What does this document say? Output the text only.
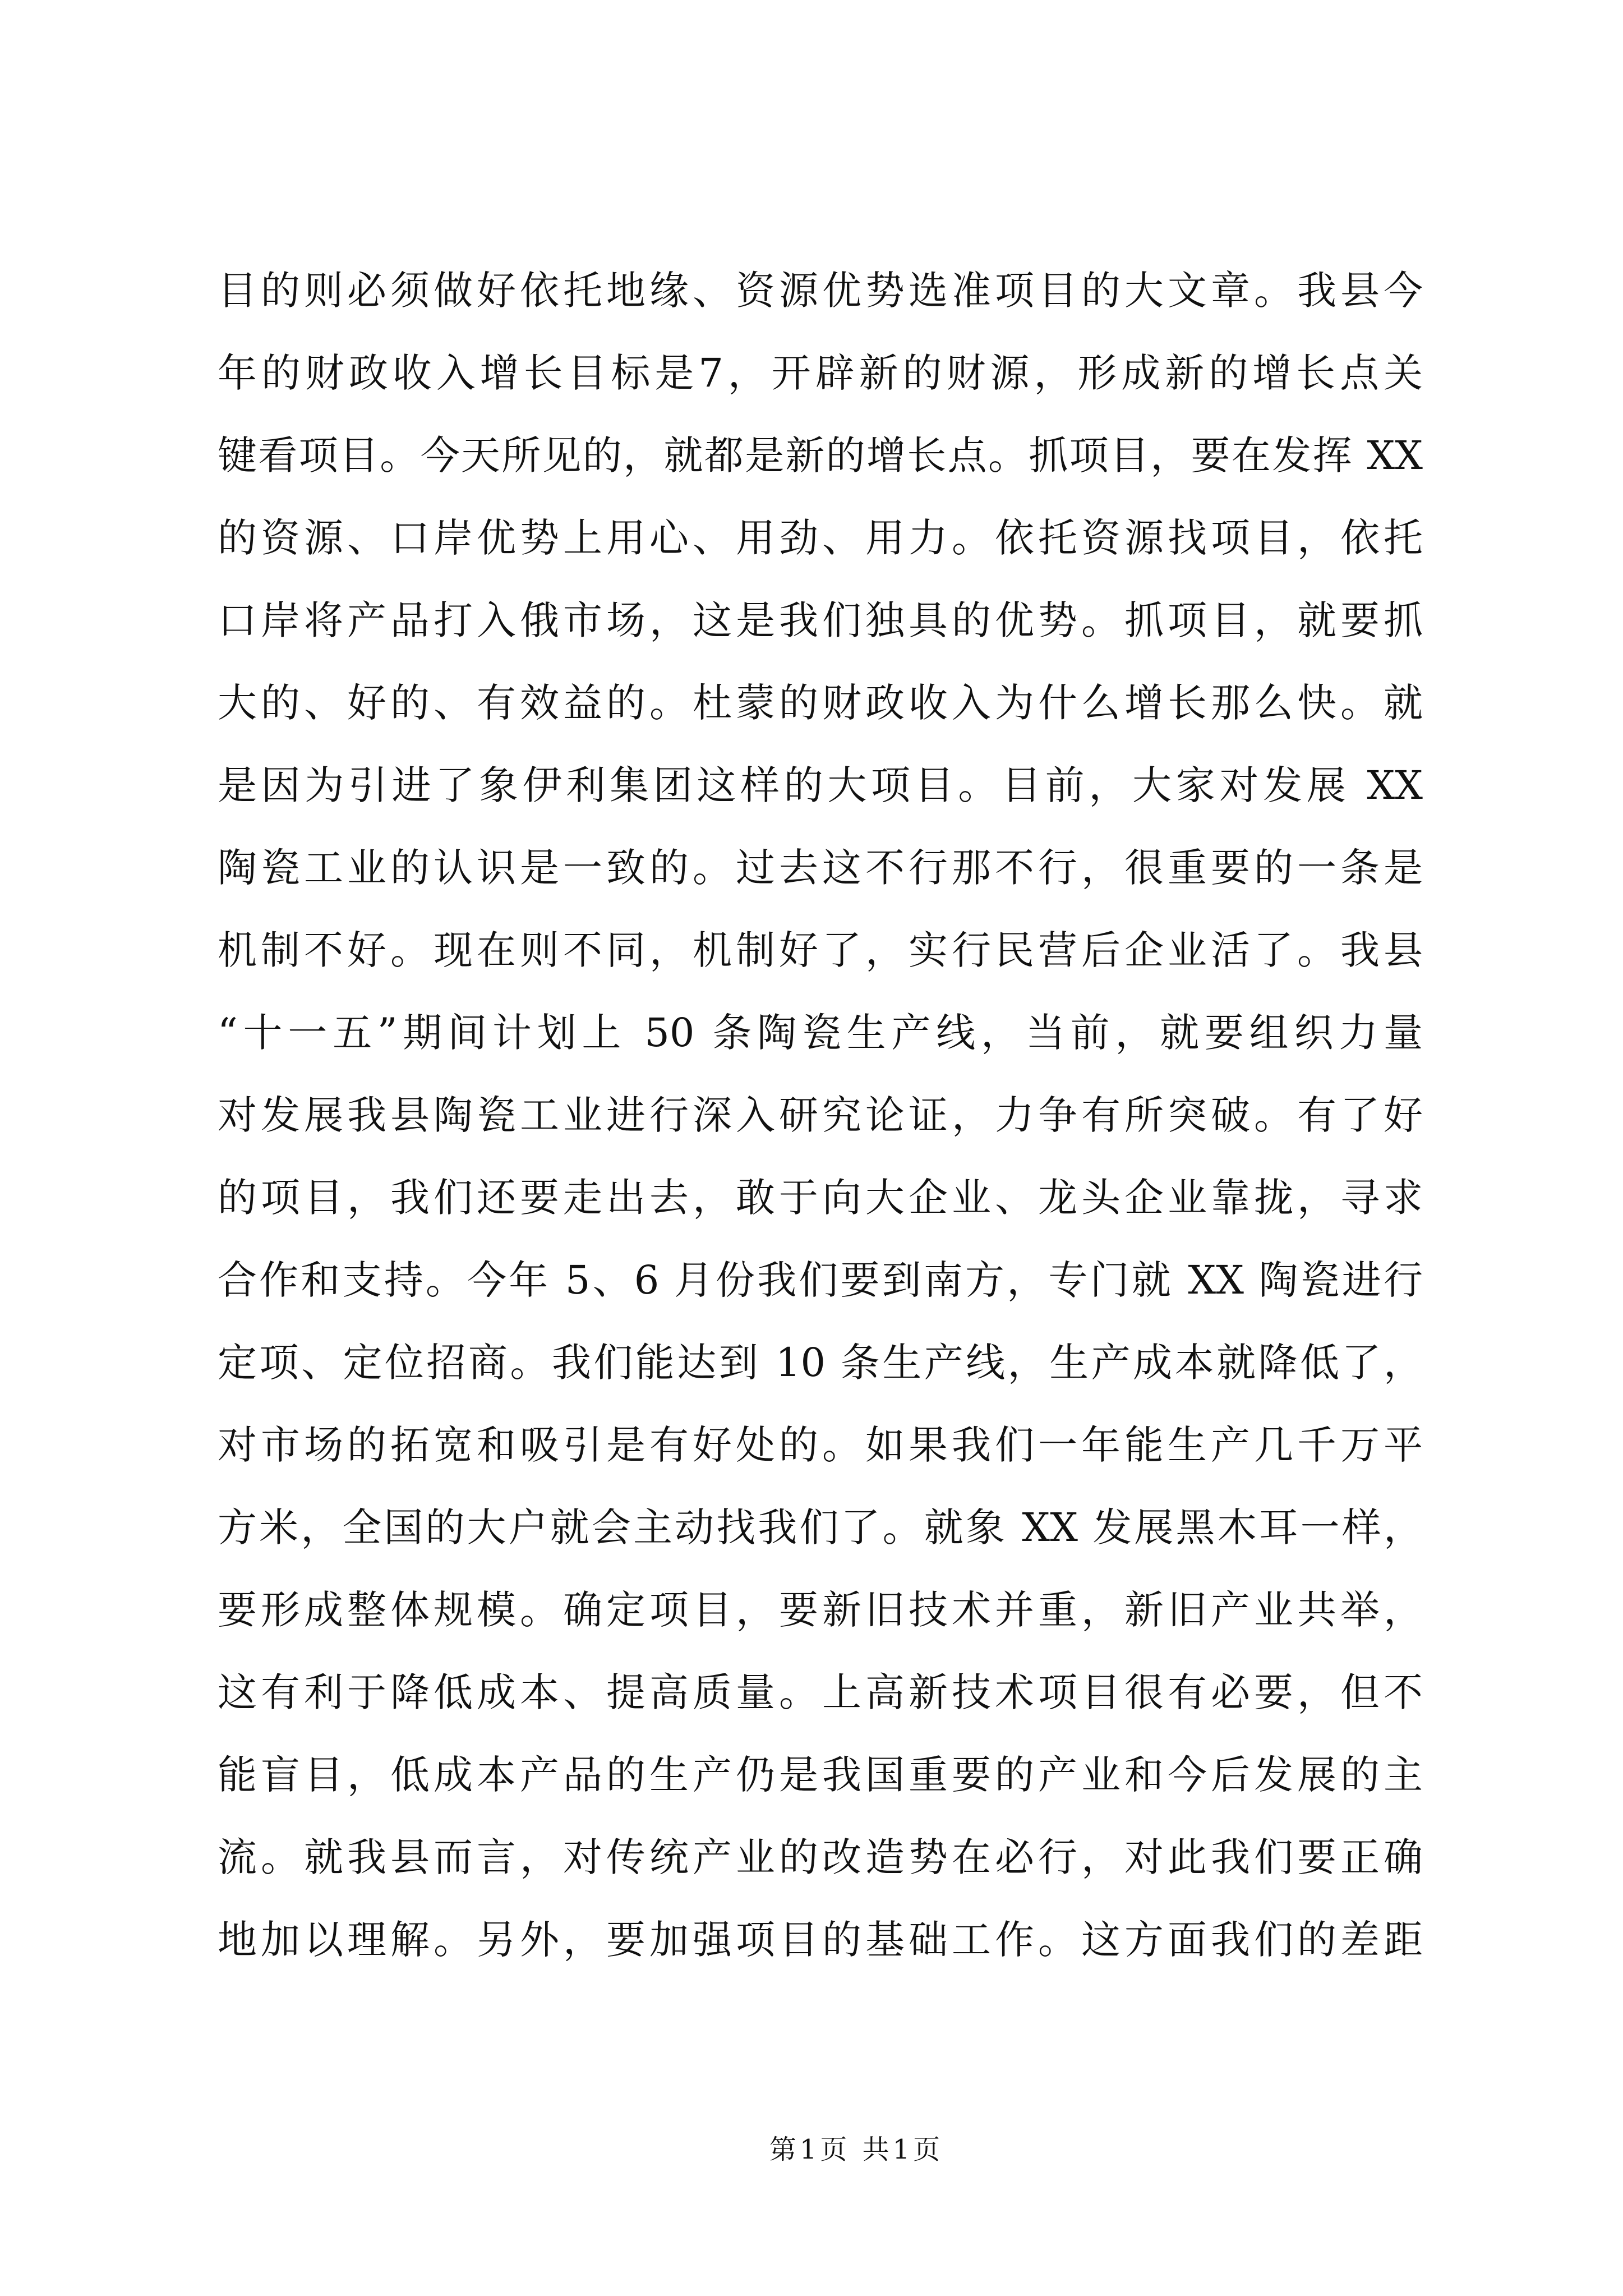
目的则必须做好依托地缘、资源优势选准项目的大文章。我县今
年的财政收入增长目标是7，开辟新的财源，形成新的增长点关
键看项目。今天所见的，就都是新的增长点。抓项目，要在发挥 XX
的资源、口岸优势上用心、用劲、用力。依托资源找项目，依托
口岸将产品打入俄市场，这是我们独具的优势。抓项目，就要抓
大的、好的、有效益的。杜蒙的财政收入为什么增长那么快。就
是因为引进了象伊利集团这样的大项目。目前，大家对发展 XX
陶瓷工业的认识是一致的。过去这不行那不行，很重要的一条是
机制不好。现在则不同，机制好了，实行民营后企业活了。我县
“十一五”期间计划上 50 条陶瓷生产线，当前，就要组织力量
对发展我县陶瓷工业进行深入研究论证，力争有所突破。有了好
的项目，我们还要走出去，敢于向大企业、龙头企业靠拢，寻求
合作和支持。今年 5、6 月份我们要到南方，专门就 XX 陶瓷进行
定项、定位招商。我们能达到 10 条生产线，生产成本就降低了，
对市场的拓宽和吸引是有好处的。如果我们一年能生产几千万平
方米，全国的大户就会主动找我们了。就象 XX 发展黑木耳一样，
要形成整体规模。确定项目，要新旧技术并重，新旧产业共举，
这有利于降低成本、提高质量。上高新技术项目很有必要，但不
能盲目，低成本产品的生产仍是我国重要的产业和今后发展的主
流。就我县而言，对传统产业的改造势在必行，对此我们要正确
地加以理解。另外，要加强项目的基础工作。这方面我们的差距
第1页 共1页
